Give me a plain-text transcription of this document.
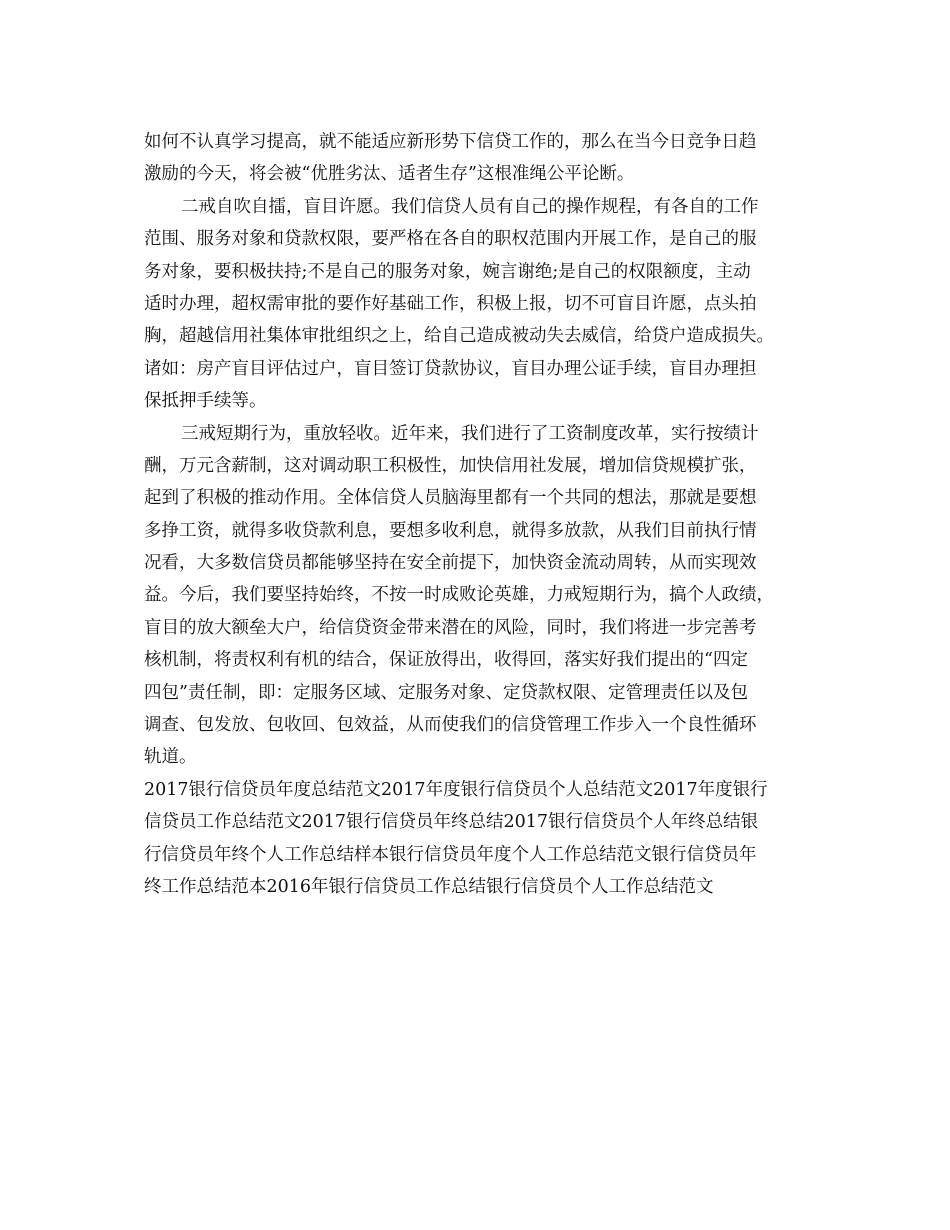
如何不认真学习提高，就不能适应新形势下信贷工作的，那么在当今日竞争日趋
激励的今天，将会被“优胜劣汰、适者生存”这根准绳公平论断。
二戒自吹自擂，盲目许愿。我们信贷人员有自己的操作规程，有各自的工作
范围、服务对象和贷款权限，要严格在各自的职权范围内开展工作，是自己的服
务对象，要积极扶持;不是自己的服务对象，婉言谢绝;是自己的权限额度，主动
适时办理，超权需审批的要作好基础工作，积极上报，切不可盲目许愿，点头拍
胸，超越信用社集体审批组织之上，给自己造成被动失去威信，给贷户造成损失。
诸如：房产盲目评估过户，盲目签订贷款协议，盲目办理公证手续，盲目办理担
保抵押手续等。
三戒短期行为，重放轻收。近年来，我们进行了工资制度改革，实行按绩计
酬，万元含薪制，这对调动职工积极性，加快信用社发展，增加信贷规模扩张，
起到了积极的推动作用。全体信贷人员脑海里都有一个共同的想法，那就是要想
多挣工资，就得多收贷款利息，要想多收利息，就得多放款，从我们目前执行情
况看，大多数信贷员都能够坚持在安全前提下，加快资金流动周转，从而实现效
益。今后，我们要坚持始终，不按一时成败论英雄，力戒短期行为，搞个人政绩，
盲目的放大额垒大户，给信贷资金带来潜在的风险，同时，我们将进一步完善考
核机制，将责权利有机的结合，保证放得出，收得回，落实好我们提出的“四定
四包”责任制，即：定服务区域、定服务对象、定贷款权限、定管理责任以及包
调查、包发放、包收回、包效益，从而使我们的信贷管理工作步入一个良性循环
轨道。
2017银行信贷员年度总结范文2017年度银行信贷员个人总结范文2017年度银行
信贷员工作总结范文2017银行信贷员年终总结2017银行信贷员个人年终总结银
行信贷员年终个人工作总结样本银行信贷员年度个人工作总结范文银行信贷员年
终工作总结范本2016年银行信贷员工作总结银行信贷员个人工作总结范文
